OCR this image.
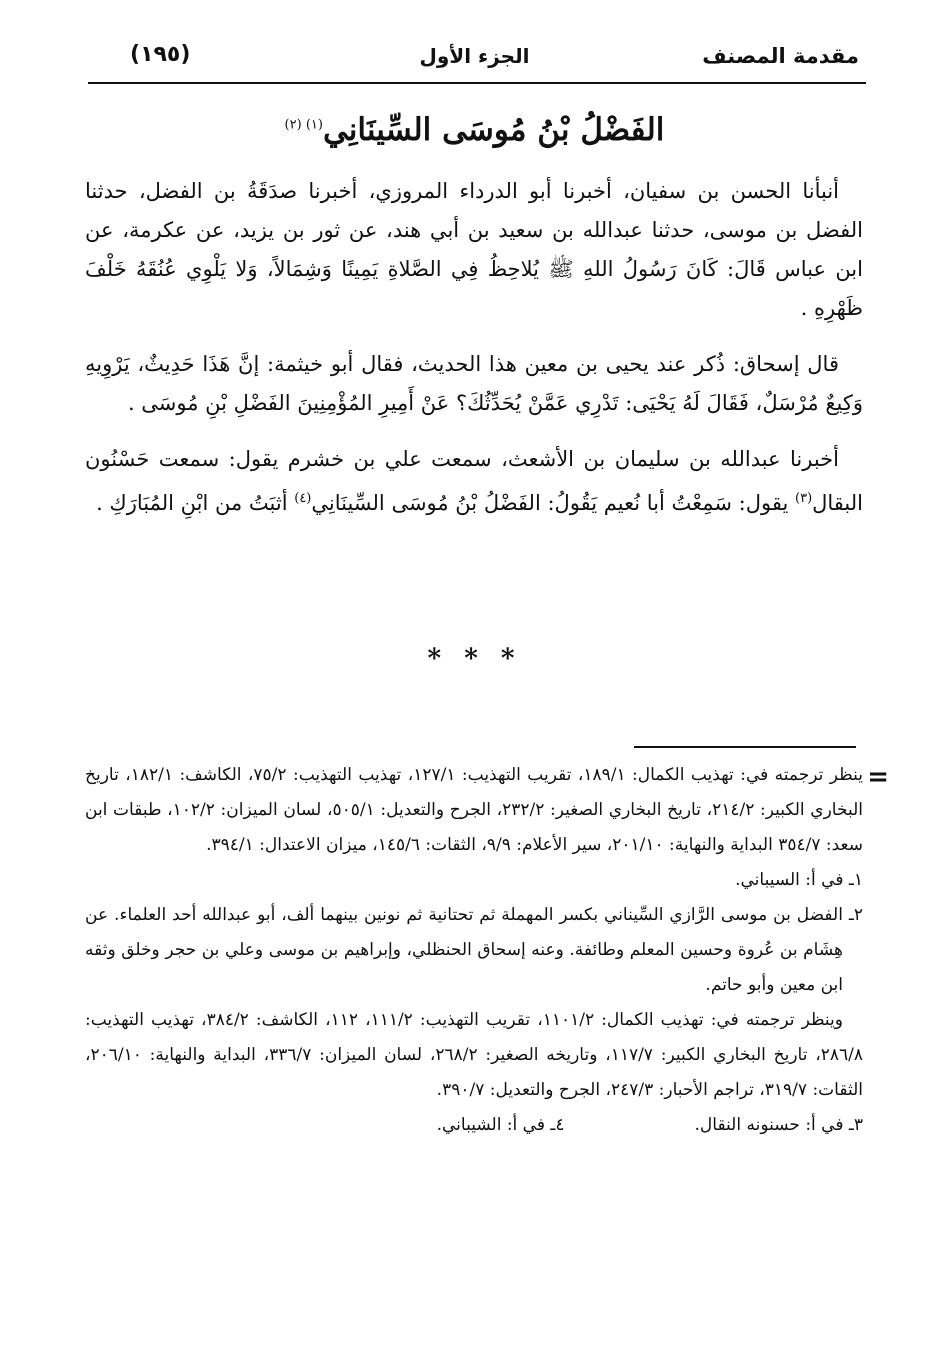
مقدمة المصنف
الجزء الأول
(١٩٥)
الفَضْلُ بْنُ مُوسَى السِّينَانِي$^{(١) (٢)}$

أنبأنا الحسن بن سفيان، أخبرنا أبو الدرداء المروزي، أخبرنا صدَقَةُ بن الفضل، حدثنا الفضل بن موسى، حدثنا عبدالله بن سعيد بن أبي هند، عن ثور بن يزيد، عن عكرمة، عن ابن عباس قَالَ: كَانَ رَسُولُ اللهِ ﷺ يُلاحِظُ فِي الصَّلاةِ يَمِينًا وَشِمَالاً، وَلا يَلْوِي عُنُقَهُ خَلْفَ ظَهْرِهِ .

قال إسحاق: ذُكر عند يحيى بن معين هذا الحديث، فقال أبو خيثمة: إنَّ هَذَا حَدِيثٌ، يَرْوِيهِ وَكِيعٌ مُرْسَلٌ، فَقَالَ لَهُ يَحْيَى: تَدْرِي عَمَّنْ يُحَدِّثُكَ؟ عَنْ أَمِيرِ المُؤْمِنِينَ الفَضْلِ بْنِ مُوسَى .

أخبرنا عبدالله بن سليمان بن الأشعث، سمعت علي بن خشرم يقول: سمعت حَسْنُون البقال$^{(٣)}$ يقول: سَمِعْتُ أبا نُعيم يَقُولُ: الفَضْلُ بْنُ مُوسَى السِّينَانِي$^{(٤)}$ أثبَتُ من ابْنِ المُبَارَكِ .

* * *
=

ينظر ترجمته في: تهذيب الكمال: ١٨٩/١، تقريب التهذيب: ١٢٧/١، تهذيب التهذيب: ٧٥/٢، الكاشف: ١٨٢/١، تاريخ البخاري الكبير: ٢١٤/٢، تاريخ البخاري الصغير: ٢٣٢/٢، الجرح والتعديل: ٥٠٥/١، لسان الميزان: ١٠٢/٢، طبقات ابن سعد: ٣٥٤/٧ البداية والنهاية: ٢٠١/١٠، سير الأعلام: ٩/٩، الثقات: ١٤٥/٦، ميزان الاعتدال: ٣٩٤/١.

١ـ في أ: السيباني.

٢ـ الفضل بن موسى الرَّازي السِّيناني بكسر المهملة ثم تحتانية ثم نونين بينهما ألف، أبو عبدالله أحد العلماء. عن هِشَام بن عُروة وحسين المعلم وطائفة. وعنه إسحاق الحنظلي، وإبراهيم بن موسى وعلي بن حجر وخلق وثقه ابن معين وأبو حاتم.

وينظر ترجمته في: تهذيب الكمال: ١١٠١/٢، تقريب التهذيب: ١١١/٢، ١١٢، الكاشف: ٣٨٤/٢، تهذيب التهذيب: ٢٨٦/٨، تاريخ البخاري الكبير: ١١٧/٧، وتاريخه الصغير: ٢٦٨/٢، لسان الميزان: ٣٣٦/٧، البداية والنهاية: ٢٠٦/١٠، الثقات: ٣١٩/٧، تراجم الأحبار: ٢٤٧/٣، الجرح والتعديل: ٣٩٠/٧.

٣ـ في أ: حسنونه النقال.
٤ـ في أ: الشيباني.
